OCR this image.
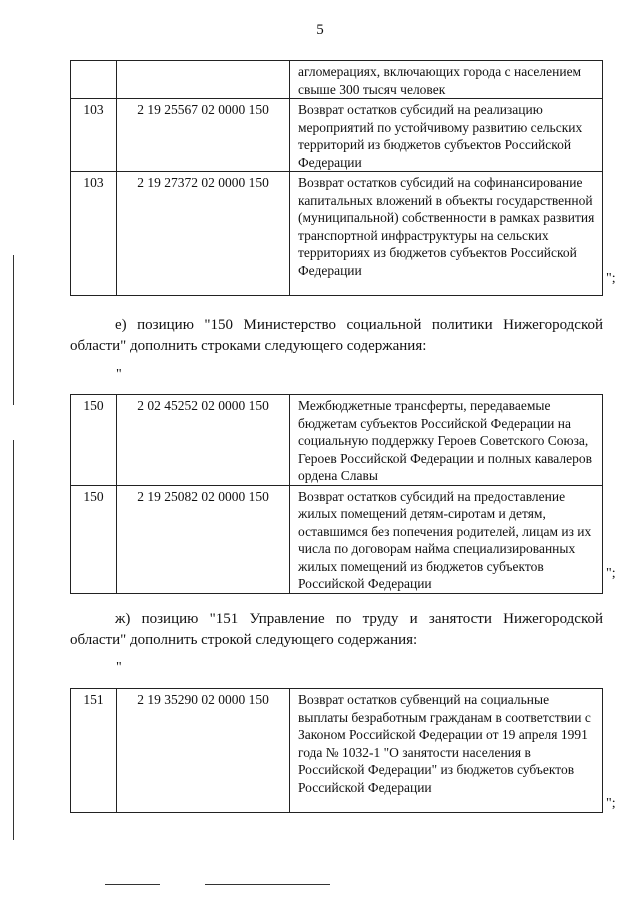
5
		агломерациях, включающих города с населением свыше 300 тысяч человек
103	2 19 25567 02 0000 150	Возврат остатков субсидий на реализацию мероприятий по устойчивому развитию сельских территорий из бюджетов субъектов Российской Федерации
103	2 19 27372 02 0000 150	Возврат остатков субсидий на софинансирование капитальных вложений в объекты государственной (муниципальной) собственности в рамках развития транспортной инфраструктуры на сельских территориях из бюджетов субъектов Российской Федерации
";
е) позицию "150 Министерство социальной политики Нижегородской
области" дополнить строками следующего содержания:
"
150	2 02 45252 02 0000 150	Межбюджетные трансферты, передаваемые бюджетам субъектов Российской Федерации на социальную поддержку Героев Советского Союза, Героев Российской Федерации и полных кавалеров ордена Славы
150	2 19 25082 02 0000 150	Возврат остатков субсидий на предоставление жилых помещений детям-сиротам и детям, оставшимся без попечения родителей, лицам из их числа по договорам найма специализированных жилых помещений из бюджетов субъектов Российской Федерации
";
ж) позицию "151 Управление по труду и занятости Нижегородской
области" дополнить строкой следующего содержания:
"
151	2 19 35290 02 0000 150	Возврат остатков субвенций на социальные выплаты безработным гражданам в соответствии с Законом Российской Федерации от 19 апреля 1991 года № 1032-1 "О занятости населения в Российской Федерации" из бюджетов субъектов Российской Федерации
";
